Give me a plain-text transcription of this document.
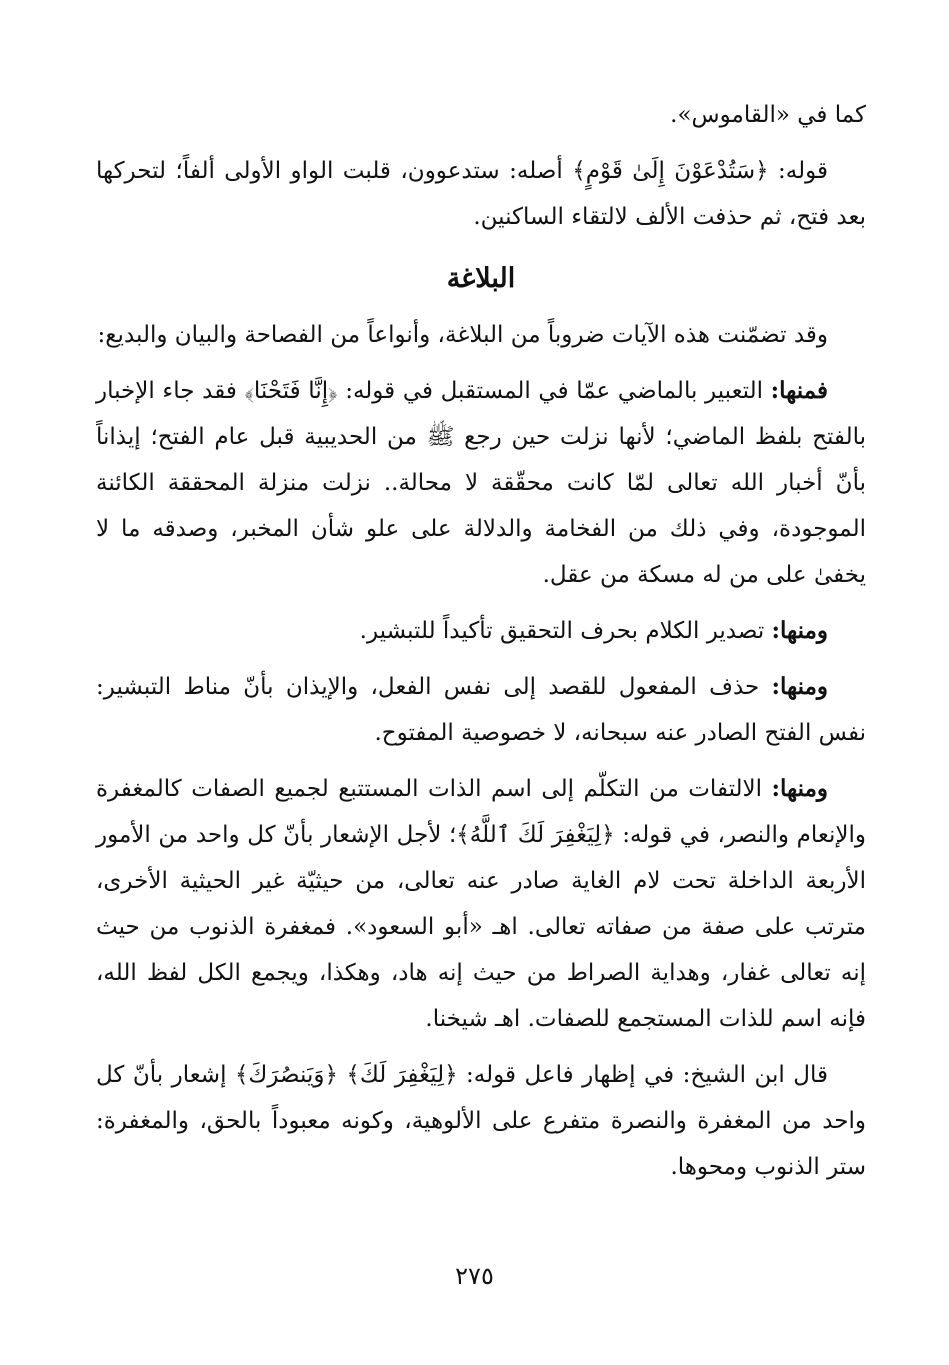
كما في «القاموس».

قوله: ﴿سَتُدْعَوْنَ إِلَىٰ قَوْمٍ﴾ أصله: ستدعوون، قلبت الواو الأولى ألفاً؛ لتحركها بعد فتح، ثم حذفت الألف لالتقاء الساكنين.

البلاغة

وقد تضمّنت هذه الآيات ضروباً من البلاغة، وأنواعاً من الفصاحة والبيان والبديع:

فمنها: التعبير بالماضي عمّا في المستقبل في قوله: ﴿إِنَّا فَتَحْنَا﴾ فقد جاء الإخبار بالفتح بلفظ الماضي؛ لأنها نزلت حين رجع ﷺ من الحديبية قبل عام الفتح؛ إيذاناً بأنّ أخبار الله تعالى لمّا كانت محقّقة لا محالة.. نزلت منزلة المحققة الكائنة الموجودة، وفي ذلك من الفخامة والدلالة على علو شأن المخبر، وصدقه ما لا يخفىٰ على من له مسكة من عقل.

ومنها: تصدير الكلام بحرف التحقيق تأكيداً للتبشير.

ومنها: حذف المفعول للقصد إلى نفس الفعل، والإيذان بأنّ مناط التبشير: نفس الفتح الصادر عنه سبحانه، لا خصوصية المفتوح.

ومنها: الالتفات من التكلّم إلى اسم الذات المستتبع لجميع الصفات كالمغفرة والإنعام والنصر، في قوله: ﴿لِيَغْفِرَ لَكَ ٱللَّهُ﴾؛ لأجل الإشعار بأنّ كل واحد من الأمور الأربعة الداخلة تحت لام الغاية صادر عنه تعالى، من حيثيّة غير الحيثية الأخرى، مترتب على صفة من صفاته تعالى. اهـ «أبو السعود». فمغفرة الذنوب من حيث إنه تعالى غفار، وهداية الصراط من حيث إنه هاد، وهكذا، ويجمع الكل لفظ الله، فإنه اسم للذات المستجمع للصفات. اهـ شيخنا.

قال ابن الشيخ: في إظهار فاعل قوله: ﴿لِيَغْفِرَ لَكَ﴾ ﴿وَيَنصُرَكَ﴾ إشعار بأنّ كل واحد من المغفرة والنصرة متفرع على الألوهية، وكونه معبوداً بالحق، والمغفرة: ستر الذنوب ومحوها.

٢٧٥
